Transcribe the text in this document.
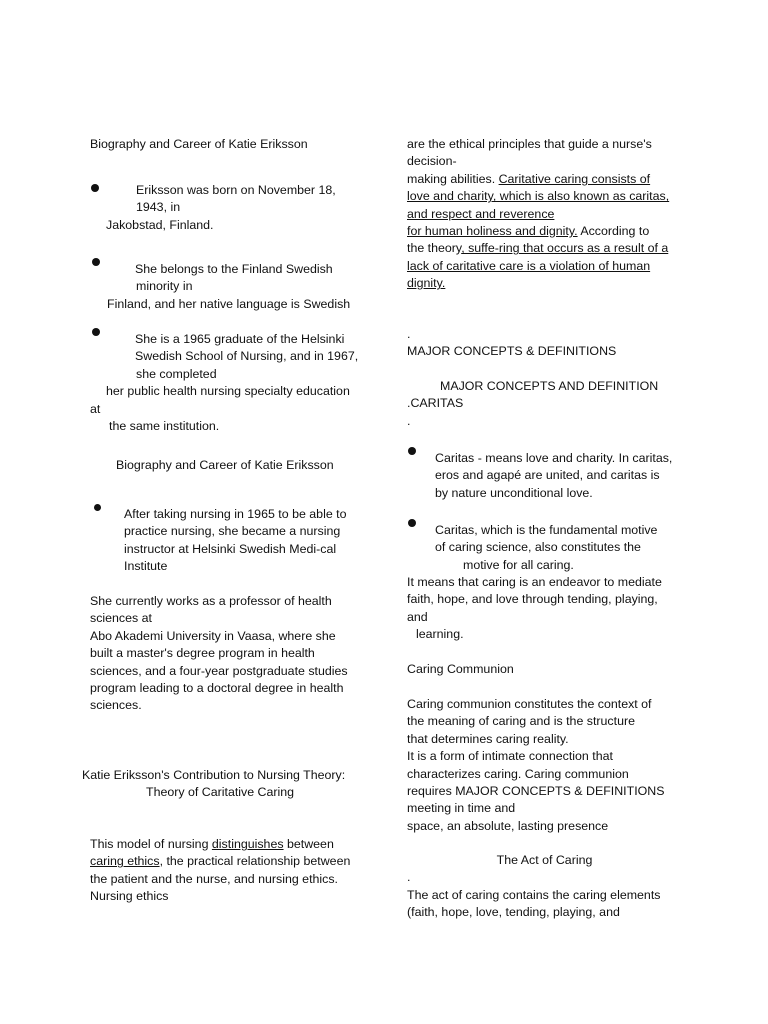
Biography and Career of Katie Eriksson

Eriksson was born on November 18,

1943, in

Jakobstad, Finland.

She belongs to the Finland Swedish

minority in

Finland, and her native language is Swedish

She is a 1965 graduate of the Helsinki

Swedish School of Nursing, and in 1967,

she completed

her public health nursing specialty education

at

the same institution.

Biography and Career of Katie Eriksson

After taking nursing in 1965 to be able to

practice nursing, she became a nursing

instructor at Helsinki Swedish Medi-cal

Institute

She currently works as a professor of health

sciences at

Abo Akademi University in Vaasa, where she

built a master's degree program in health

sciences, and a four-year postgraduate studies

program leading to a doctoral degree in health

sciences.

Katie Eriksson's Contribution to Nursing Theory:

Theory of Caritative Caring

This model of nursing distinguishes between

caring ethics, the practical relationship between

the patient and the nurse, and nursing ethics.

Nursing ethics

are the ethical principles that guide a nurse's

decision-

making abilities. Caritative caring consists of

love and charity, which is also known as caritas,

and respect and reverence

for human holiness and dignity. According to

the theory, suffe-ring that occurs as a result of a

lack of caritative care is a violation of human

dignity.

.

MAJOR CONCEPTS & DEFINITIONS

MAJOR CONCEPTS AND DEFINITION

.CARITAS

.

Caritas - means love and charity. In caritas,

eros and agapé are united, and caritas is

by nature unconditional love.

Caritas, which is the fundamental motive

of caring science, also constitutes the

motive for all caring.

It means that caring is an endeavor to mediate

faith, hope, and love through tending, playing,

and

learning.

Caring Communion

Caring communion constitutes the context of

the meaning of caring and is the structure

that determines caring reality.

It is a form of intimate connection that

characterizes caring. Caring communion

requires MAJOR CONCEPTS & DEFINITIONS

meeting in time and

space, an absolute, lasting presence

The Act of Caring

.

The act of caring contains the caring elements

(faith, hope, love, tending, playing, and
